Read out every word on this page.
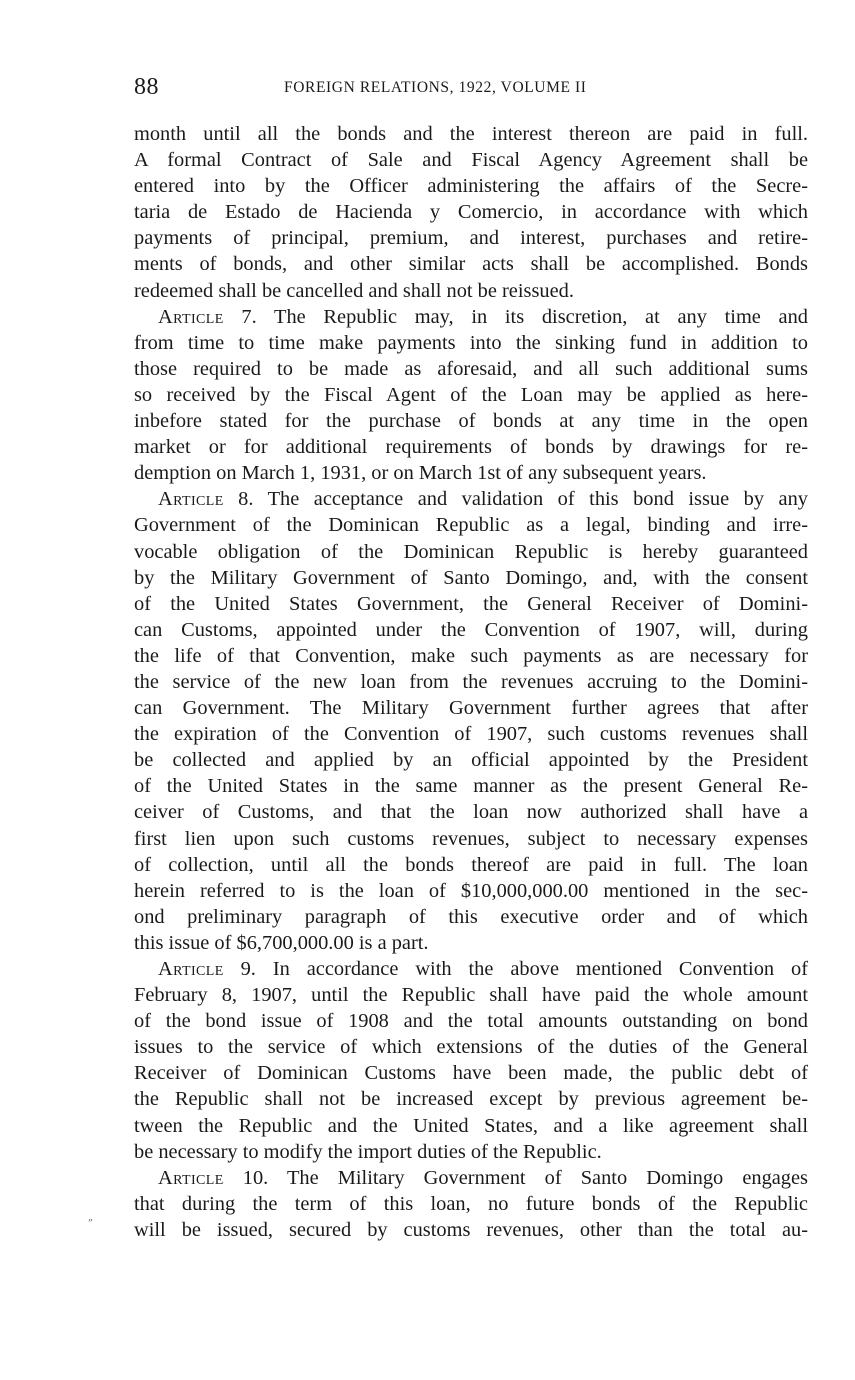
88	FOREIGN RELATIONS, 1922, VOLUME II
month until all the bonds and the interest thereon are paid in full.
A formal Contract of Sale and Fiscal Agency Agreement shall be
entered into by the Officer administering the affairs of the Secre-
taria de Estado de Hacienda y Comercio, in accordance with which
payments of principal, premium, and interest, purchases and retire-
ments of bonds, and other similar acts shall be accomplished. Bonds
redeemed shall be cancelled and shall not be reissued.
Article 7. The Republic may, in its discretion, at any time and
from time to time make payments into the sinking fund in addition to
those required to be made as aforesaid, and all such additional sums
so received by the Fiscal Agent of the Loan may be applied as here-
inbefore stated for the purchase of bonds at any time in the open
market or for additional requirements of bonds by drawings for re-
demption on March 1, 1931, or on March 1st of any subsequent years.
Article 8. The acceptance and validation of this bond issue by any
Government of the Dominican Republic as a legal, binding and irre-
vocable obligation of the Dominican Republic is hereby guaranteed
by the Military Government of Santo Domingo, and, with the consent
of the United States Government, the General Receiver of Domini-
can Customs, appointed under the Convention of 1907, will, during
the life of that Convention, make such payments as are necessary for
the service of the new loan from the revenues accruing to the Domini-
can Government. The Military Government further agrees that after
the expiration of the Convention of 1907, such customs revenues shall
be collected and applied by an official appointed by the President
of the United States in the same manner as the present General Re-
ceiver of Customs, and that the loan now authorized shall have a
first lien upon such customs revenues, subject to necessary expenses
of collection, until all the bonds thereof are paid in full. The loan
herein referred to is the loan of $10,000,000.00 mentioned in the sec-
ond preliminary paragraph of this executive order and of which
this issue of $6,700,000.00 is a part.
Article 9. In accordance with the above mentioned Convention of
February 8, 1907, until the Republic shall have paid the whole amount
of the bond issue of 1908 and the total amounts outstanding on bond
issues to the service of which extensions of the duties of the General
Receiver of Dominican Customs have been made, the public debt of
the Republic shall not be increased except by previous agreement be-
tween the Republic and the United States, and a like agreement shall
be necessary to modify the import duties of the Republic.
Article 10. The Military Government of Santo Domingo engages
that during the term of this loan, no future bonds of the Republic
will be issued, secured by customs revenues, other than the total au-
„
